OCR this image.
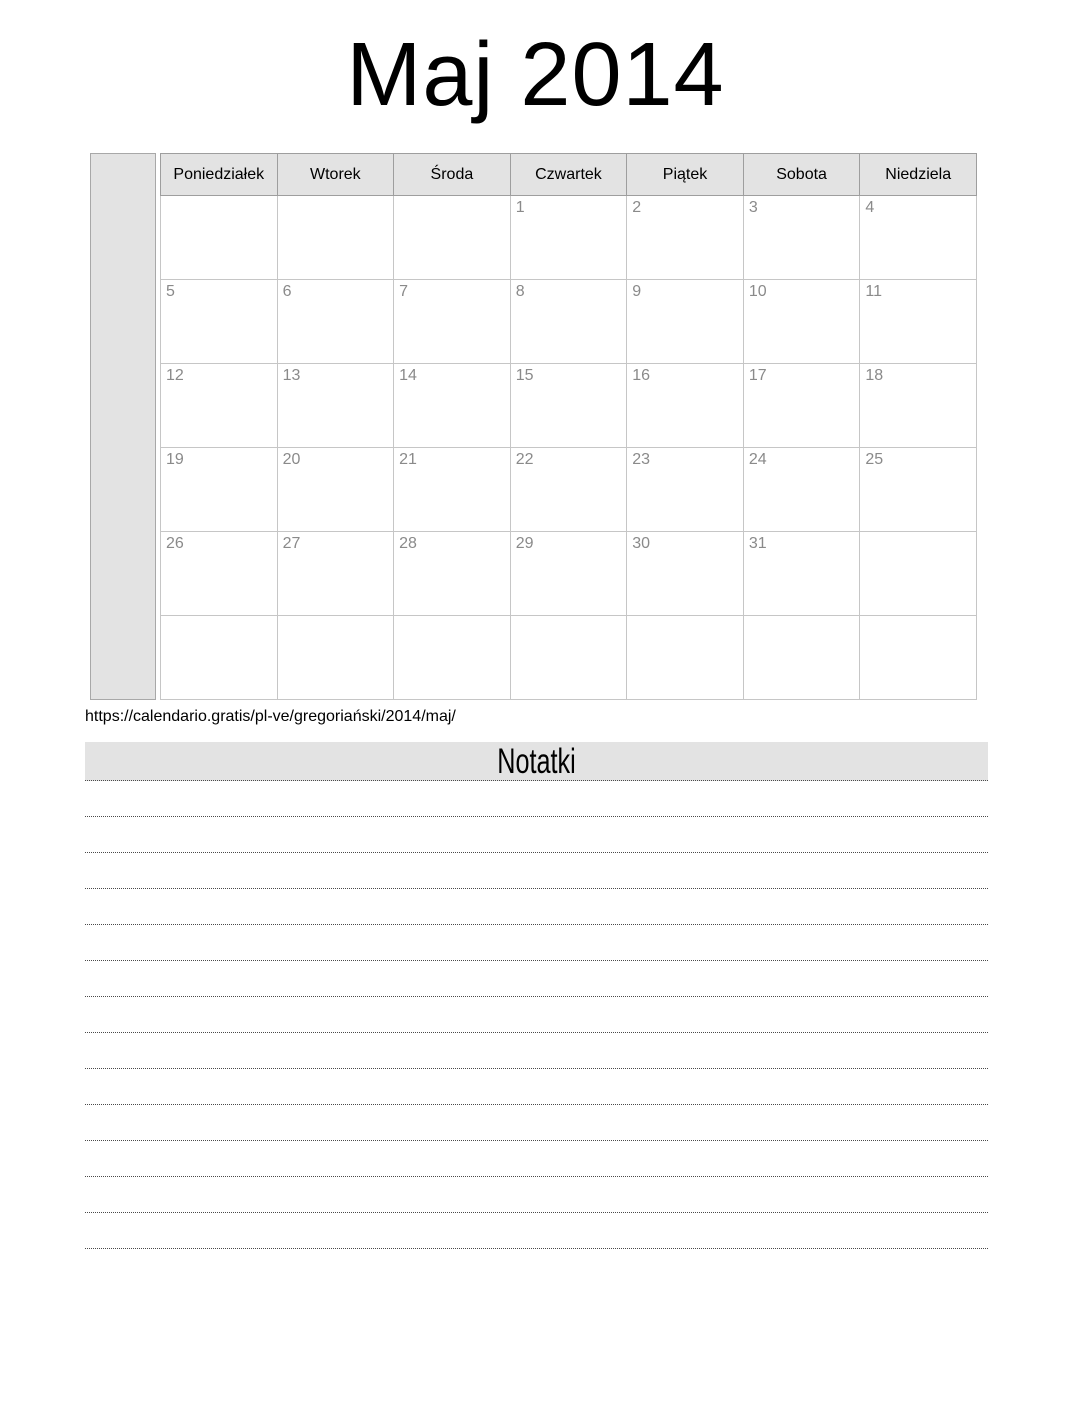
Maj 2014
Poniedziałek	Wtorek	Środa	Czwartek	Piątek	Sobota	Niedziela
			1	2	3	4
5	6	7	8	9	10	11
12	13	14	15	16	17	18
19	20	21	22	23	24	25
26	27	28	29	30	31	

https://calendario.gratis/pl-ve/gregoriański/2014/maj/
Notatki
